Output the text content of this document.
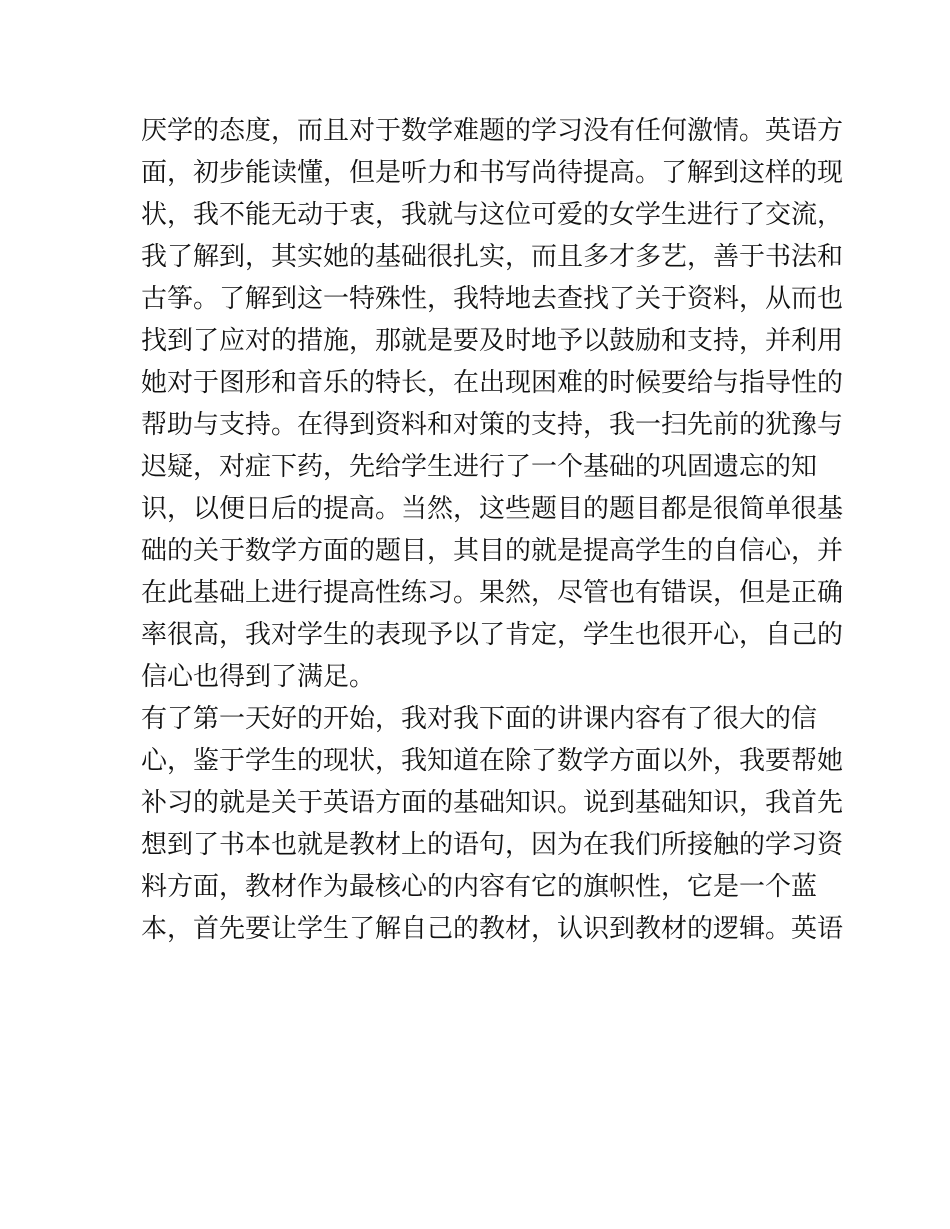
厌学的态度，而且对于数学难题的学习没有任何激情。英语方
面，初步能读懂，但是听力和书写尚待提高。了解到这样的现
状，我不能无动于衷，我就与这位可爱的女学生进行了交流，
我了解到，其实她的基础很扎实，而且多才多艺，善于书法和
古筝。了解到这一特殊性，我特地去查找了关于资料，从而也
找到了应对的措施，那就是要及时地予以鼓励和支持，并利用
她对于图形和音乐的特长，在出现困难的时候要给与指导性的
帮助与支持。在得到资料和对策的支持，我一扫先前的犹豫与
迟疑，对症下药，先给学生进行了一个基础的巩固遗忘的知
识，以便日后的提高。当然，这些题目的题目都是很简单很基
础的关于数学方面的题目，其目的就是提高学生的自信心，并
在此基础上进行提高性练习。果然，尽管也有错误，但是正确
率很高，我对学生的表现予以了肯定，学生也很开心，自己的
信心也得到了满足。
有了第一天好的开始，我对我下面的讲课内容有了很大的信
心，鉴于学生的现状，我知道在除了数学方面以外，我要帮她
补习的就是关于英语方面的基础知识。说到基础知识，我首先
想到了书本也就是教材上的语句，因为在我们所接触的学习资
料方面，教材作为最核心的内容有它的旗帜性，它是一个蓝
本，首先要让学生了解自己的教材，认识到教材的逻辑。英语
